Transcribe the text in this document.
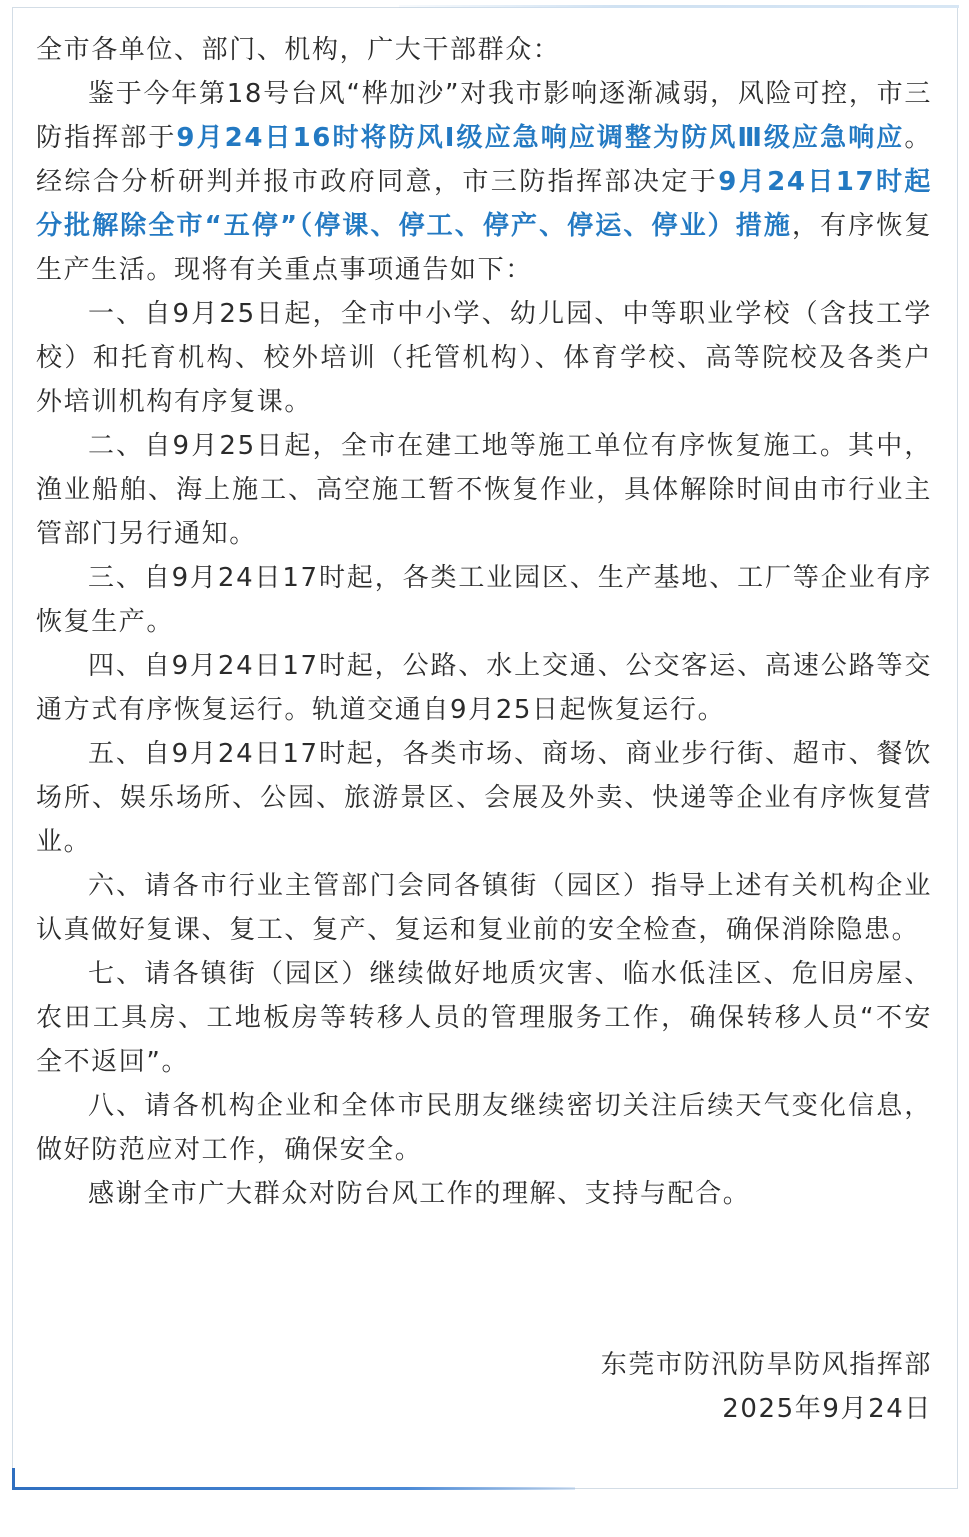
全市各单位、部门、机构，广大干部群众：

鉴于今年第18号台风“桦加沙”对我市影响逐渐减弱，风险可控，市三防指挥部于9月24日16时将防风Ⅰ级应急响应调整为防风Ⅲ级应急响应。经综合分析研判并报市政府同意，市三防指挥部决定于9月24日17时起分批解除全市“五停”（停课、停工、停产、停运、停业）措施，有序恢复生产生活。现将有关重点事项通告如下：

一、自9月25日起，全市中小学、幼儿园、中等职业学校（含技工学校）和托育机构、校外培训（托管机构）、体育学校、高等院校及各类户外培训机构有序复课。

二、自9月25日起，全市在建工地等施工单位有序恢复施工。其中，渔业船舶、海上施工、高空施工暂不恢复作业，具体解除时间由市行业主管部门另行通知。

三、自9月24日17时起，各类工业园区、生产基地、工厂等企业有序恢复生产。

四、自9月24日17时起，公路、水上交通、公交客运、高速公路等交通方式有序恢复运行。轨道交通自9月25日起恢复运行。

五、自9月24日17时起，各类市场、商场、商业步行街、超市、餐饮场所、娱乐场所、公园、旅游景区、会展及外卖、快递等企业有序恢复营业。

六、请各市行业主管部门会同各镇街（园区）指导上述有关机构企业认真做好复课、复工、复产、复运和复业前的安全检查，确保消除隐患。

七、请各镇街（园区）继续做好地质灾害、临水低洼区、危旧房屋、农田工具房、工地板房等转移人员的管理服务工作，确保转移人员“不安全不返回”。

八、请各机构企业和全体市民朋友继续密切关注后续天气变化信息，做好防范应对工作，确保安全。

感谢全市广大群众对防台风工作的理解、支持与配合。

东莞市防汛防旱防风指挥部

2025年9月24日
